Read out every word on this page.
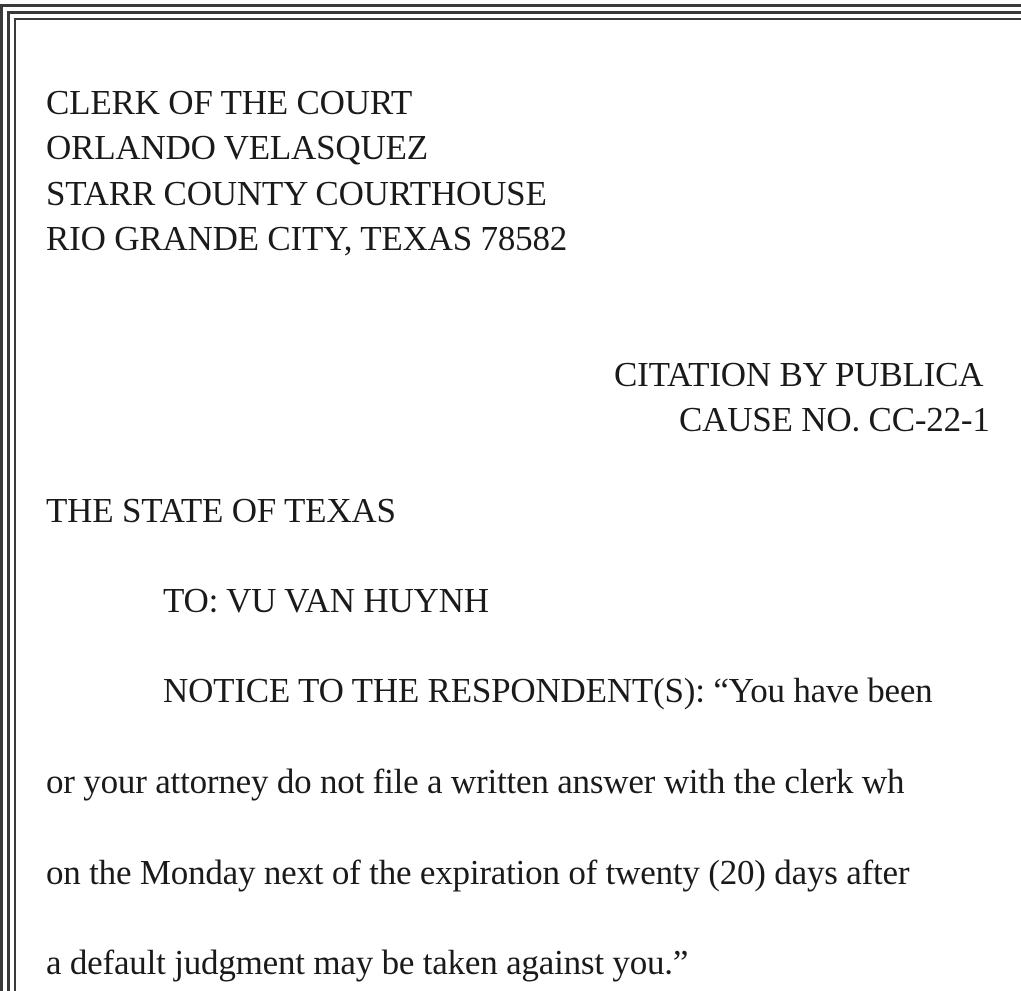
CLERK OF THE COURT
ORLANDO VELASQUEZ
STARR COUNTY COURTHOUSE
RIO GRANDE CITY, TEXAS 78582
CITATION BY PUBLICA
CAUSE NO. CC-22-1
THE STATE OF TEXAS
TO: VU VAN HUYNH
NOTICE TO THE RESPONDENT(S): “You have been
or your attorney do not file a written answer with the clerk wh
on the Monday next of the expiration of twenty (20) days after
a default judgment may be taken against you.”
